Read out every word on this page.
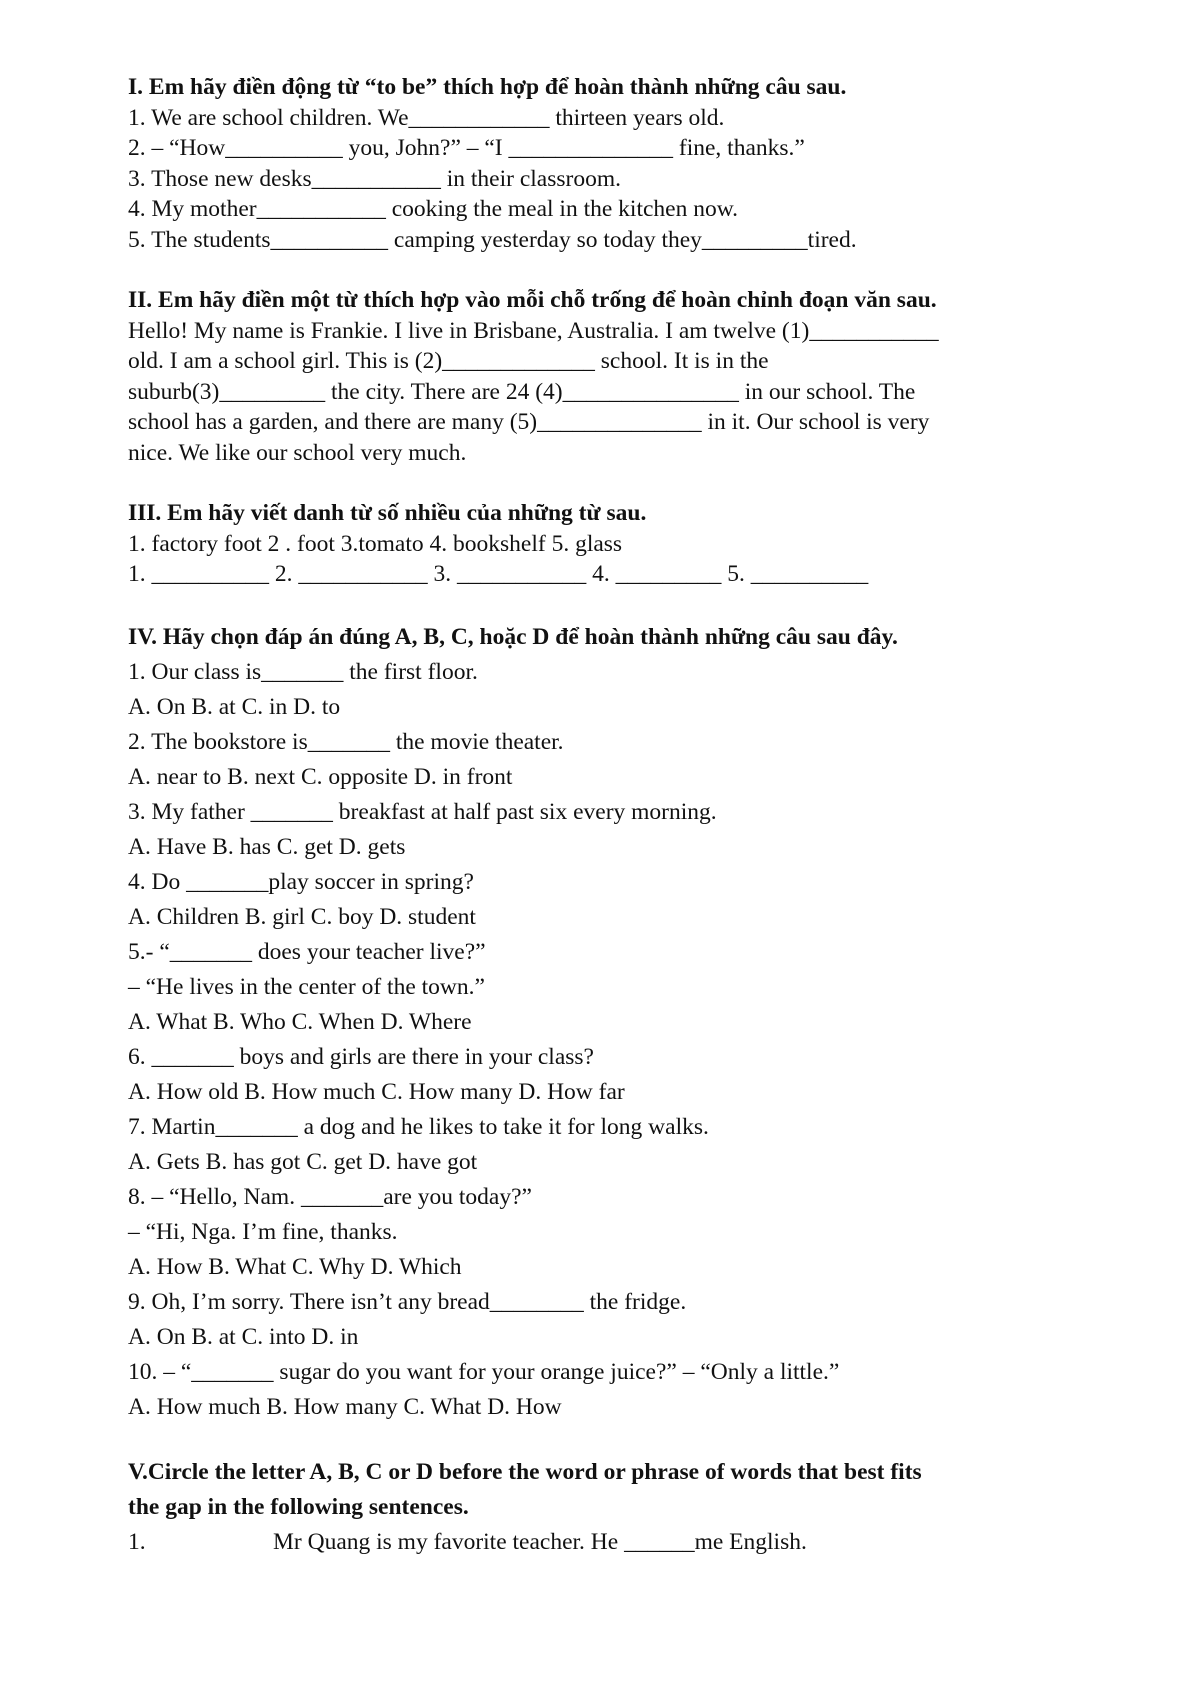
I. Em hãy điền động từ “to be” thích hợp để hoàn thành những câu sau.
1. We are school children. We____________ thirteen years old.
2. – “How__________ you, John?” – “I ______________ fine, thanks.”
3. Those new desks___________ in their classroom.
4. My mother___________ cooking the meal in the kitchen now.
5. The students__________ camping yesterday so today they_________tired.
II. Em hãy điền một từ thích hợp vào mỗi chỗ trống để hoàn chỉnh đoạn văn sau.
Hello! My name is Frankie. I live in Brisbane, Australia. I am twelve (1)___________
old. I am a school girl. This is (2)_____________ school. It is in the
suburb(3)_________ the city. There are 24 (4)_______________ in our school. The
school has a garden, and there are many (5)______________ in it. Our school is very
nice. We like our school very much.
III. Em hãy viết danh từ số nhiều của những từ sau.
1. factory foot 2 . foot 3.tomato 4. bookshelf 5. glass
1. __________ 2. ___________ 3. ___________ 4. _________ 5. __________
IV. Hãy chọn đáp án đúng A, B, C, hoặc D để hoàn thành những câu sau đây.
1. Our class is_______ the first floor.
A. On B. at C. in D. to
2. The bookstore is_______ the movie theater.
A. near to B. next C. opposite D. in front
3. My father _______ breakfast at half past six every morning.
A. Have B. has C. get D. gets
4. Do _______play soccer in spring?
A. Children B. girl C. boy D. student
5.- “_______ does your teacher live?”
– “He lives in the center of the town.”
A. What B. Who C. When D. Where
6. _______ boys and girls are there in your class?
A. How old B. How much C. How many D. How far
7. Martin_______ a dog and he likes to take it for long walks.
A. Gets B. has got C. get D. have got
8. – “Hello, Nam. _______are you today?”
– “Hi, Nga. I’m fine, thanks.
A. How B. What C. Why D. Which
9. Oh, I’m sorry. There isn’t any bread________ the fridge.
A. On B. at C. into D. in
10. – “_______ sugar do you want for your orange juice?” – “Only a little.”
A. How much B. How many C. What D. How
V.Circle the letter A, B, C or D before the word or phrase of words that best fits
the gap in the following sentences.
1.	Mr Quang is my favorite teacher. He ______me English.
